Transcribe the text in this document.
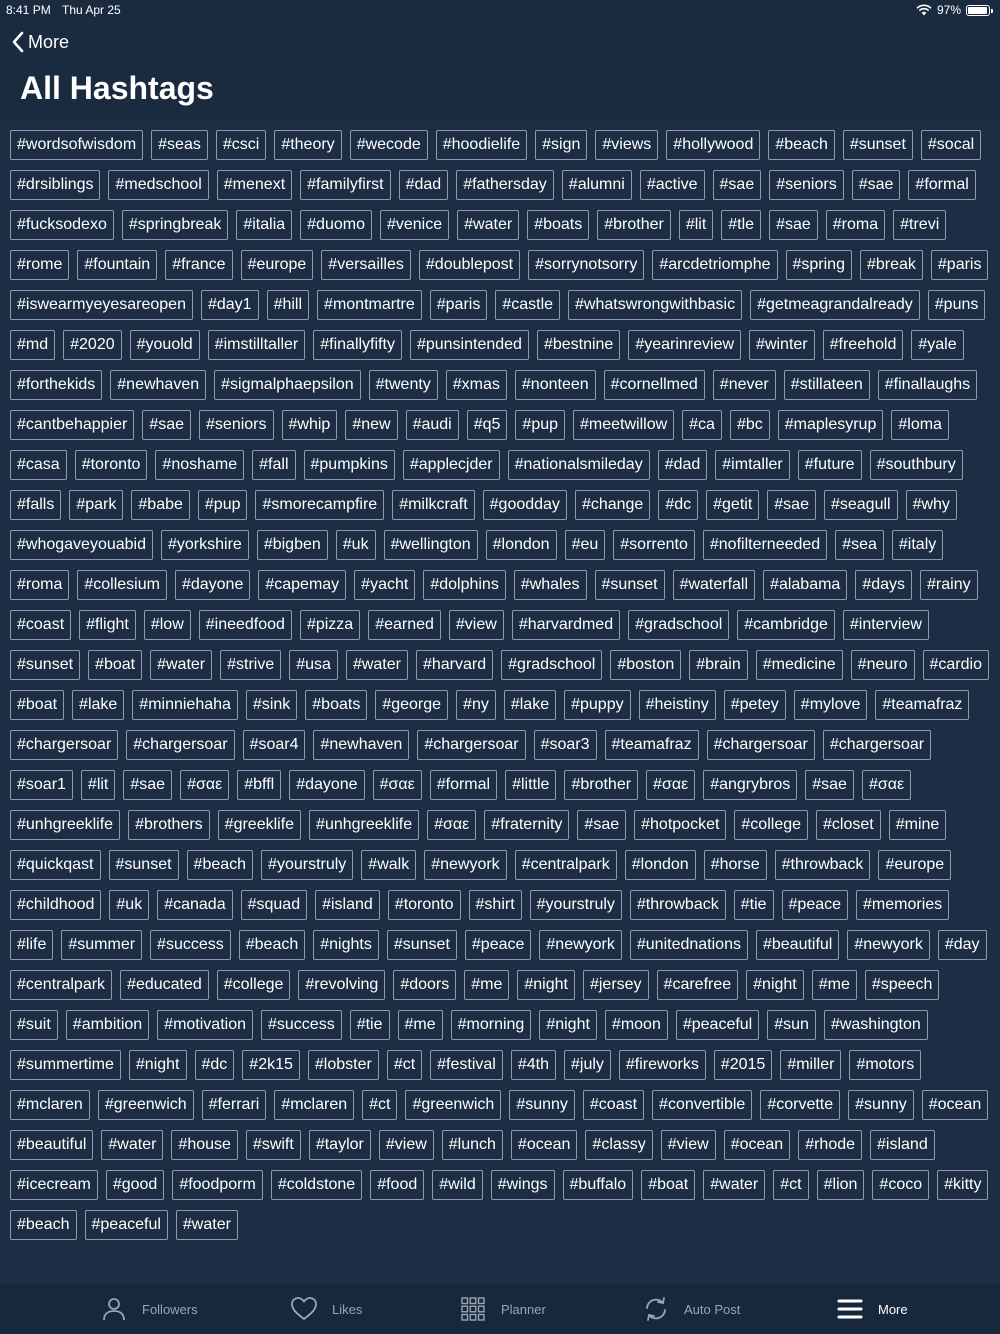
8:41 PM Thu Apr 25	97%
More
All Hashtags
#wordsofwisdom	#seas	#csci	#theory	#wecode	#hoodielife	#sign	#views	#hollywood	#beach	#sunset	#socal
#drsiblings	#medschool	#menext	#familyfirst	#dad	#fathersday	#alumni	#active	#sae	#seniors	#sae	#formal
#fucksodexo	#springbreak	#italia	#duomo	#venice	#water	#boats	#brother	#lit	#tle	#sae	#roma	#trevi
#rome	#fountain	#france	#europe	#versailles	#doublepost	#sorrynotsorry	#arcdetriomphe	#spring	#break	#paris
#iswearmyeyesareopen	#day1	#hill	#montmartre	#paris	#castle	#whatswrongwithbasic	#getmeagrandalready	#puns
#md	#2020	#youold	#imstilltaller	#finallyfifty	#punsintended	#bestnine	#yearinreview	#winter	#freehold	#yale
#forthekids	#newhaven	#sigmalphaepsilon	#twenty	#xmas	#nonteen	#cornellmed	#never	#stillateen	#finallaughs
#cantbehappier	#sae	#seniors	#whip	#new	#audi	#q5	#pup	#meetwillow	#ca	#bc	#maplesyrup	#loma
#casa	#toronto	#noshame	#fall	#pumpkins	#applecjder	#nationalsmileday	#dad	#imtaller	#future	#southbury
#falls	#park	#babe	#pup	#smorecampfire	#milkcraft	#goodday	#change	#dc	#getit	#sae	#seagull	#why
#whogaveyouabid	#yorkshire	#bigben	#uk	#wellington	#london	#eu	#sorrento	#nofilterneeded	#sea	#italy
#roma	#collesium	#dayone	#capemay	#yacht	#dolphins	#whales	#sunset	#waterfall	#alabama	#days	#rainy
#coast	#flight	#low	#ineedfood	#pizza	#earned	#view	#harvardmed	#gradschool	#cambridge	#interview
#sunset	#boat	#water	#strive	#usa	#water	#harvard	#gradschool	#boston	#brain	#medicine	#neuro	#cardio
#boat	#lake	#minniehaha	#sink	#boats	#george	#ny	#lake	#puppy	#heistiny	#petey	#mylove	#teamafraz
#chargersoar	#chargersoar	#soar4	#newhaven	#chargersoar	#soar3	#teamafraz	#chargersoar	#chargersoar
#soar1	#lit	#sae	#σαε	#bffl	#dayone	#σαε	#formal	#little	#brother	#σαε	#angrybros	#sae	#σαε
#unhgreeklife	#brothers	#greeklife	#unhgreeklife	#σαε	#fraternity	#sae	#hotpocket	#college	#closet	#mine
#quickqast	#sunset	#beach	#yourstruly	#walk	#newyork	#centralpark	#london	#horse	#throwback	#europe
#childhood	#uk	#canada	#squad	#island	#toronto	#shirt	#yourstruly	#throwback	#tie	#peace	#memories
#life	#summer	#success	#beach	#nights	#sunset	#peace	#newyork	#unitednations	#beautiful	#newyork	#day
#centralpark	#educated	#college	#revolving	#doors	#me	#night	#jersey	#carefree	#night	#me	#speech
#suit	#ambition	#motivation	#success	#tie	#me	#morning	#night	#moon	#peaceful	#sun	#washington
#summertime	#night	#dc	#2k15	#lobster	#ct	#festival	#4th	#july	#fireworks	#2015	#miller	#motors
#mclaren	#greenwich	#ferrari	#mclaren	#ct	#greenwich	#sunny	#coast	#convertible	#corvette	#sunny	#ocean
#beautiful	#water	#house	#swift	#taylor	#view	#lunch	#ocean	#classy	#view	#ocean	#rhode	#island
#icecream	#good	#foodporm	#coldstone	#food	#wild	#wings	#buffalo	#boat	#water	#ct	#lion	#coco	#kitty
#beach	#peaceful	#water
Followers	Likes	Planner	Auto Post	More
